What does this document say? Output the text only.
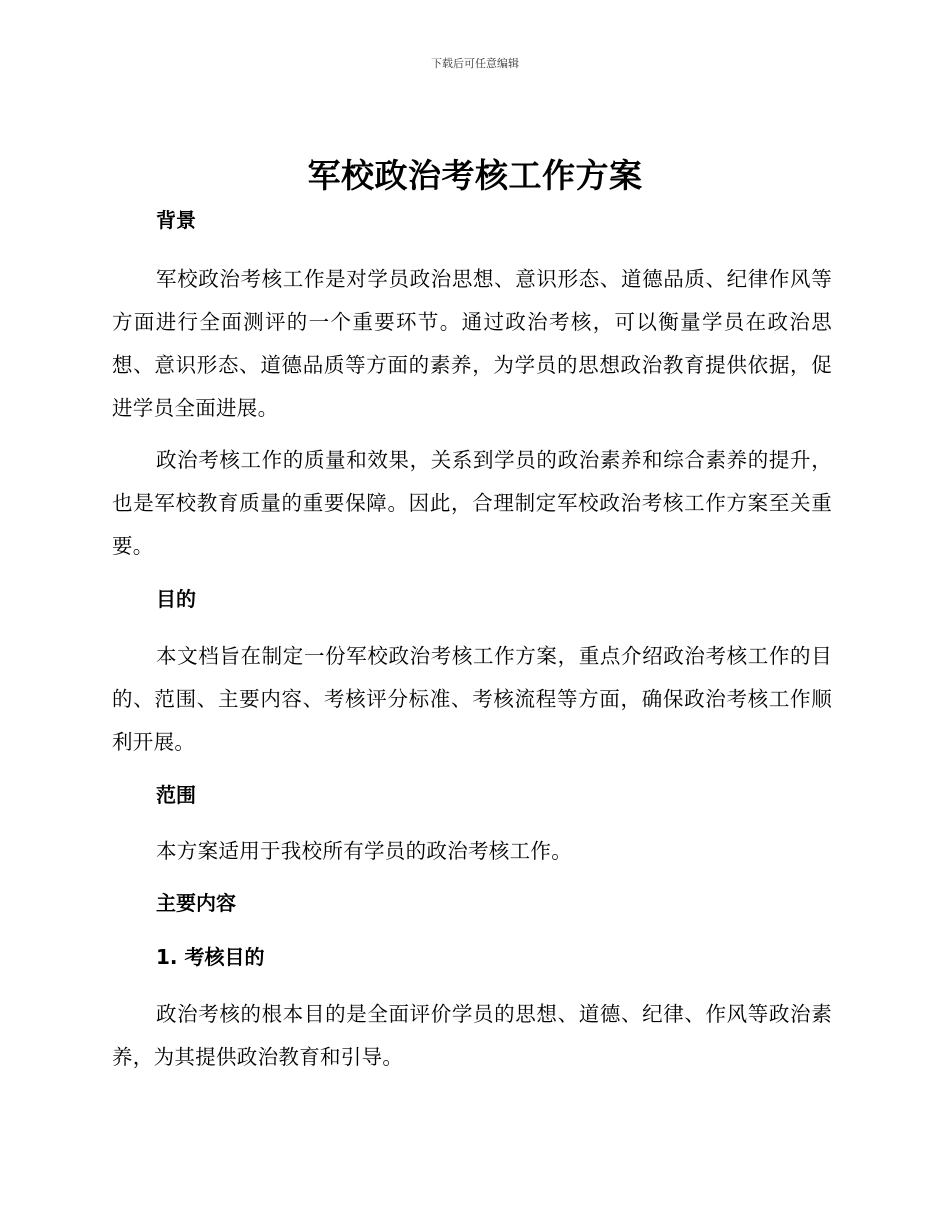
下载后可任意编辑
军校政治考核工作方案

背景

军校政治考核工作是对学员政治思想、意识形态、道德品质、纪律作风等方面进行全面测评的一个重要环节。通过政治考核，可以衡量学员在政治思想、意识形态、道德品质等方面的素养，为学员的思想政治教育提供依据，促进学员全面进展。

政治考核工作的质量和效果，关系到学员的政治素养和综合素养的提升，也是军校教育质量的重要保障。因此，合理制定军校政治考核工作方案至关重要。

目的

本文档旨在制定一份军校政治考核工作方案，重点介绍政治考核工作的目的、范围、主要内容、考核评分标准、考核流程等方面，确保政治考核工作顺利开展。

范围

本方案适用于我校所有学员的政治考核工作。

主要内容

1. 考核目的

政治考核的根本目的是全面评价学员的思想、道德、纪律、作风等政治素养，为其提供政治教育和引导。
